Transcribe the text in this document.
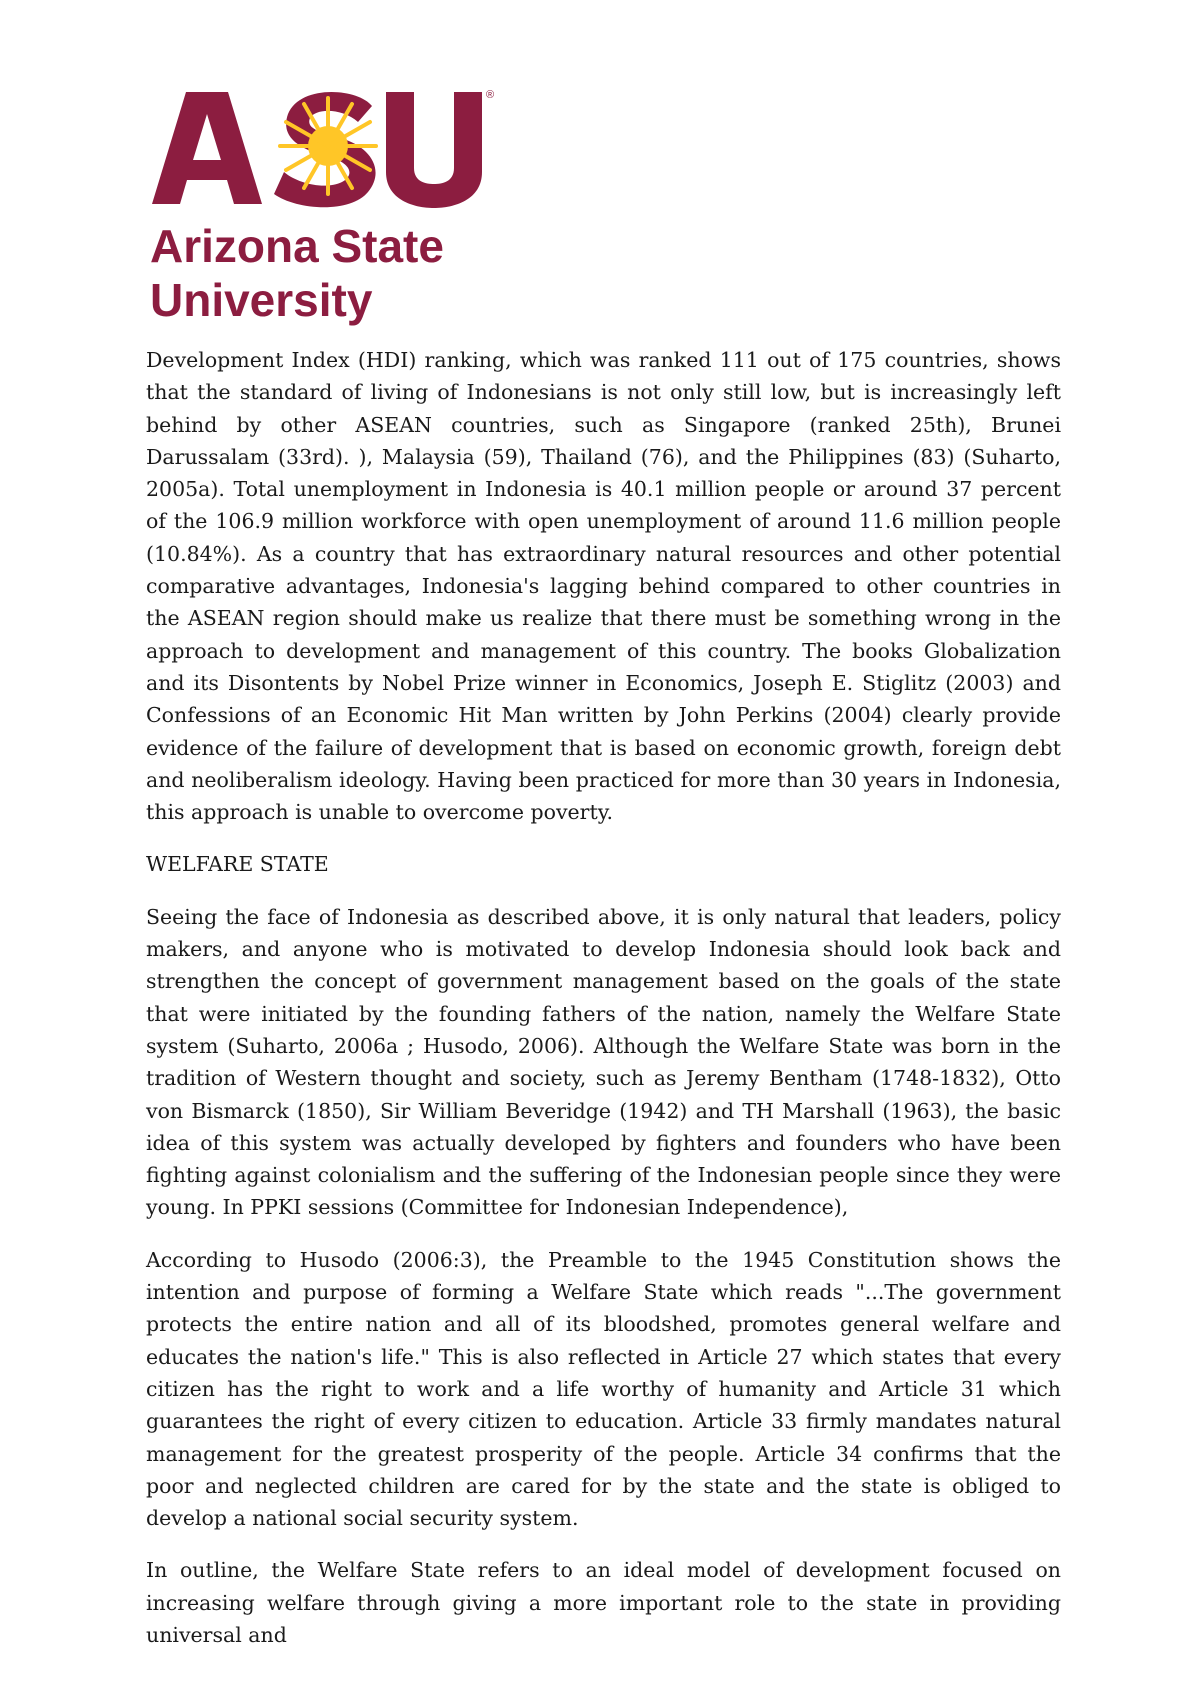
®
Arizona State
University

Development Index (HDI) ranking, which was ranked 111 out of 175 countries, shows that the standard of living of Indonesians is not only still low, but is increasingly left behind by other ASEAN countries, such as Singapore (ranked 25th), Brunei Darussalam (33rd). ), Malaysia (59), Thailand (76), and the Philippines (83) (Suharto, 2005a). Total unemployment in Indonesia is 40.1 million people or around 37 percent of the 106.9 million workforce with open unemployment of around 11.6 million people (10.84%). As a country that has extraordinary natural resources and other potential comparative advantages, Indonesia's lagging behind compared to other countries in the ASEAN region should make us realize that there must be something wrong in the approach to development and management of this country. The books Globalization and its Disontents by Nobel Prize winner in Economics, Joseph E. Stiglitz (2003) and Confessions of an Economic Hit Man written by John Perkins (2004) clearly provide evidence of the failure of development that is based on economic growth, foreign debt and neoliberalism ideology. Having been practiced for more than 30 years in Indonesia, this approach is unable to overcome poverty.

WELFARE STATE

Seeing the face of Indonesia as described above, it is only natural that leaders, policy makers, and anyone who is motivated to develop Indonesia should look back and strengthen the concept of government management based on the goals of the state that were initiated by the founding fathers of the nation, namely the Welfare State system (Suharto, 2006a ; Husodo, 2006). Although the Welfare State was born in the tradition of Western thought and society, such as Jeremy Bentham (1748-1832), Otto von Bismarck (1850), Sir William Beveridge (1942) and TH Marshall (1963), the basic idea of this system was actually developed by fighters and founders who have been fighting against colonialism and the suffering of the Indonesian people since they were young. In PPKI sessions (Committee for Indonesian Independence),

According to Husodo (2006:3), the Preamble to the 1945 Constitution shows the intention and purpose of forming a Welfare State which reads "...The government protects the entire nation and all of its bloodshed, promotes general welfare and educates the nation's life." This is also reflected in Article 27 which states that every citizen has the right to work and a life worthy of humanity and Article 31 which guarantees the right of every citizen to education. Article 33 firmly mandates natural management for the greatest prosperity of the people. Article 34 confirms that the poor and neglected children are cared for by the state and the state is obliged to develop a national social security system.

In outline, the Welfare State refers to an ideal model of development focused on increasing welfare through giving a more important role to the state in providing universal and
